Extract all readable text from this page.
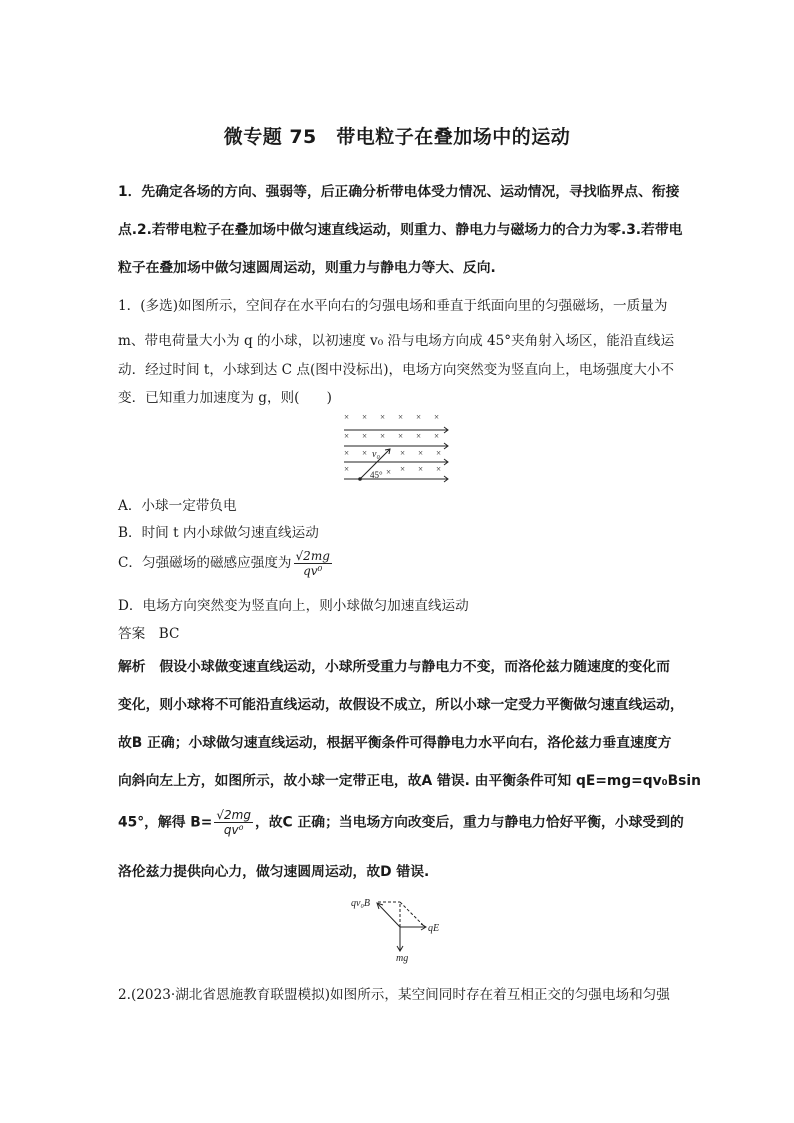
微专题 75　带电粒子在叠加场中的运动
1．先确定各场的方向、强弱等，后正确分析带电体受力情况、运动情况，寻找临界点、衔接
点.2.若带电粒子在叠加场中做匀速直线运动，则重力、静电力与磁场力的合力为零.3.若带电
粒子在叠加场中做匀速圆周运动，则重力与静电力等大、反向.
1．(多选)如图所示，空间存在水平向右的匀强电场和垂直于纸面向里的匀强磁场，一质量为
m、带电荷量大小为 q 的小球，以初速度 v₀ 沿与电场方向成 45°夹角射入场区，能沿直线运
动．经过时间 t，小球到达 C 点(图中没标出)，电场方向突然变为竖直向上，电场强度大小不
变．已知重力加速度为 g，则(　　)
× × × × × ×
× × × × × ×
× ×	× × ×
×	× × × ×
v₀
45°
A．小球一定带负电
B．时间 t 内小球做匀速直线运动
C．匀强磁场的磁感应强度为 $\frac{√2mg}{\text{qv⁰}}$
D．电场方向突然变为竖直向上，则小球做匀加速直线运动
答案　 BC
解析　假设小球做变速直线运动，小球所受重力与静电力不变，而洛伦兹力随速度的变化而
变化，则小球将不可能沿直线运动，故假设不成立，所以小球一定受力平衡做匀速直线运动，
故B 正确；小球做匀速直线运动，根据平衡条件可得静电力水平向右，洛伦兹力垂直速度方
向斜向左上方，如图所示，故小球一定带正电，故A 错误. 由平衡条件可知 qE=mg=qv₀Bsin
45°，解得 $B= \frac{√2mg}{\text{qv⁰}}$ ，故C 正确；当电场方向改变后，重力与静电力恰好平衡，小球受到的
洛伦兹力提供向心力，做匀速圆周运动，故D 错误.
qv₀B
qE
mg
2.(2023·湖北省恩施教育联盟模拟)如图所示，某空间同时存在着互相正交的匀强电场和匀强
